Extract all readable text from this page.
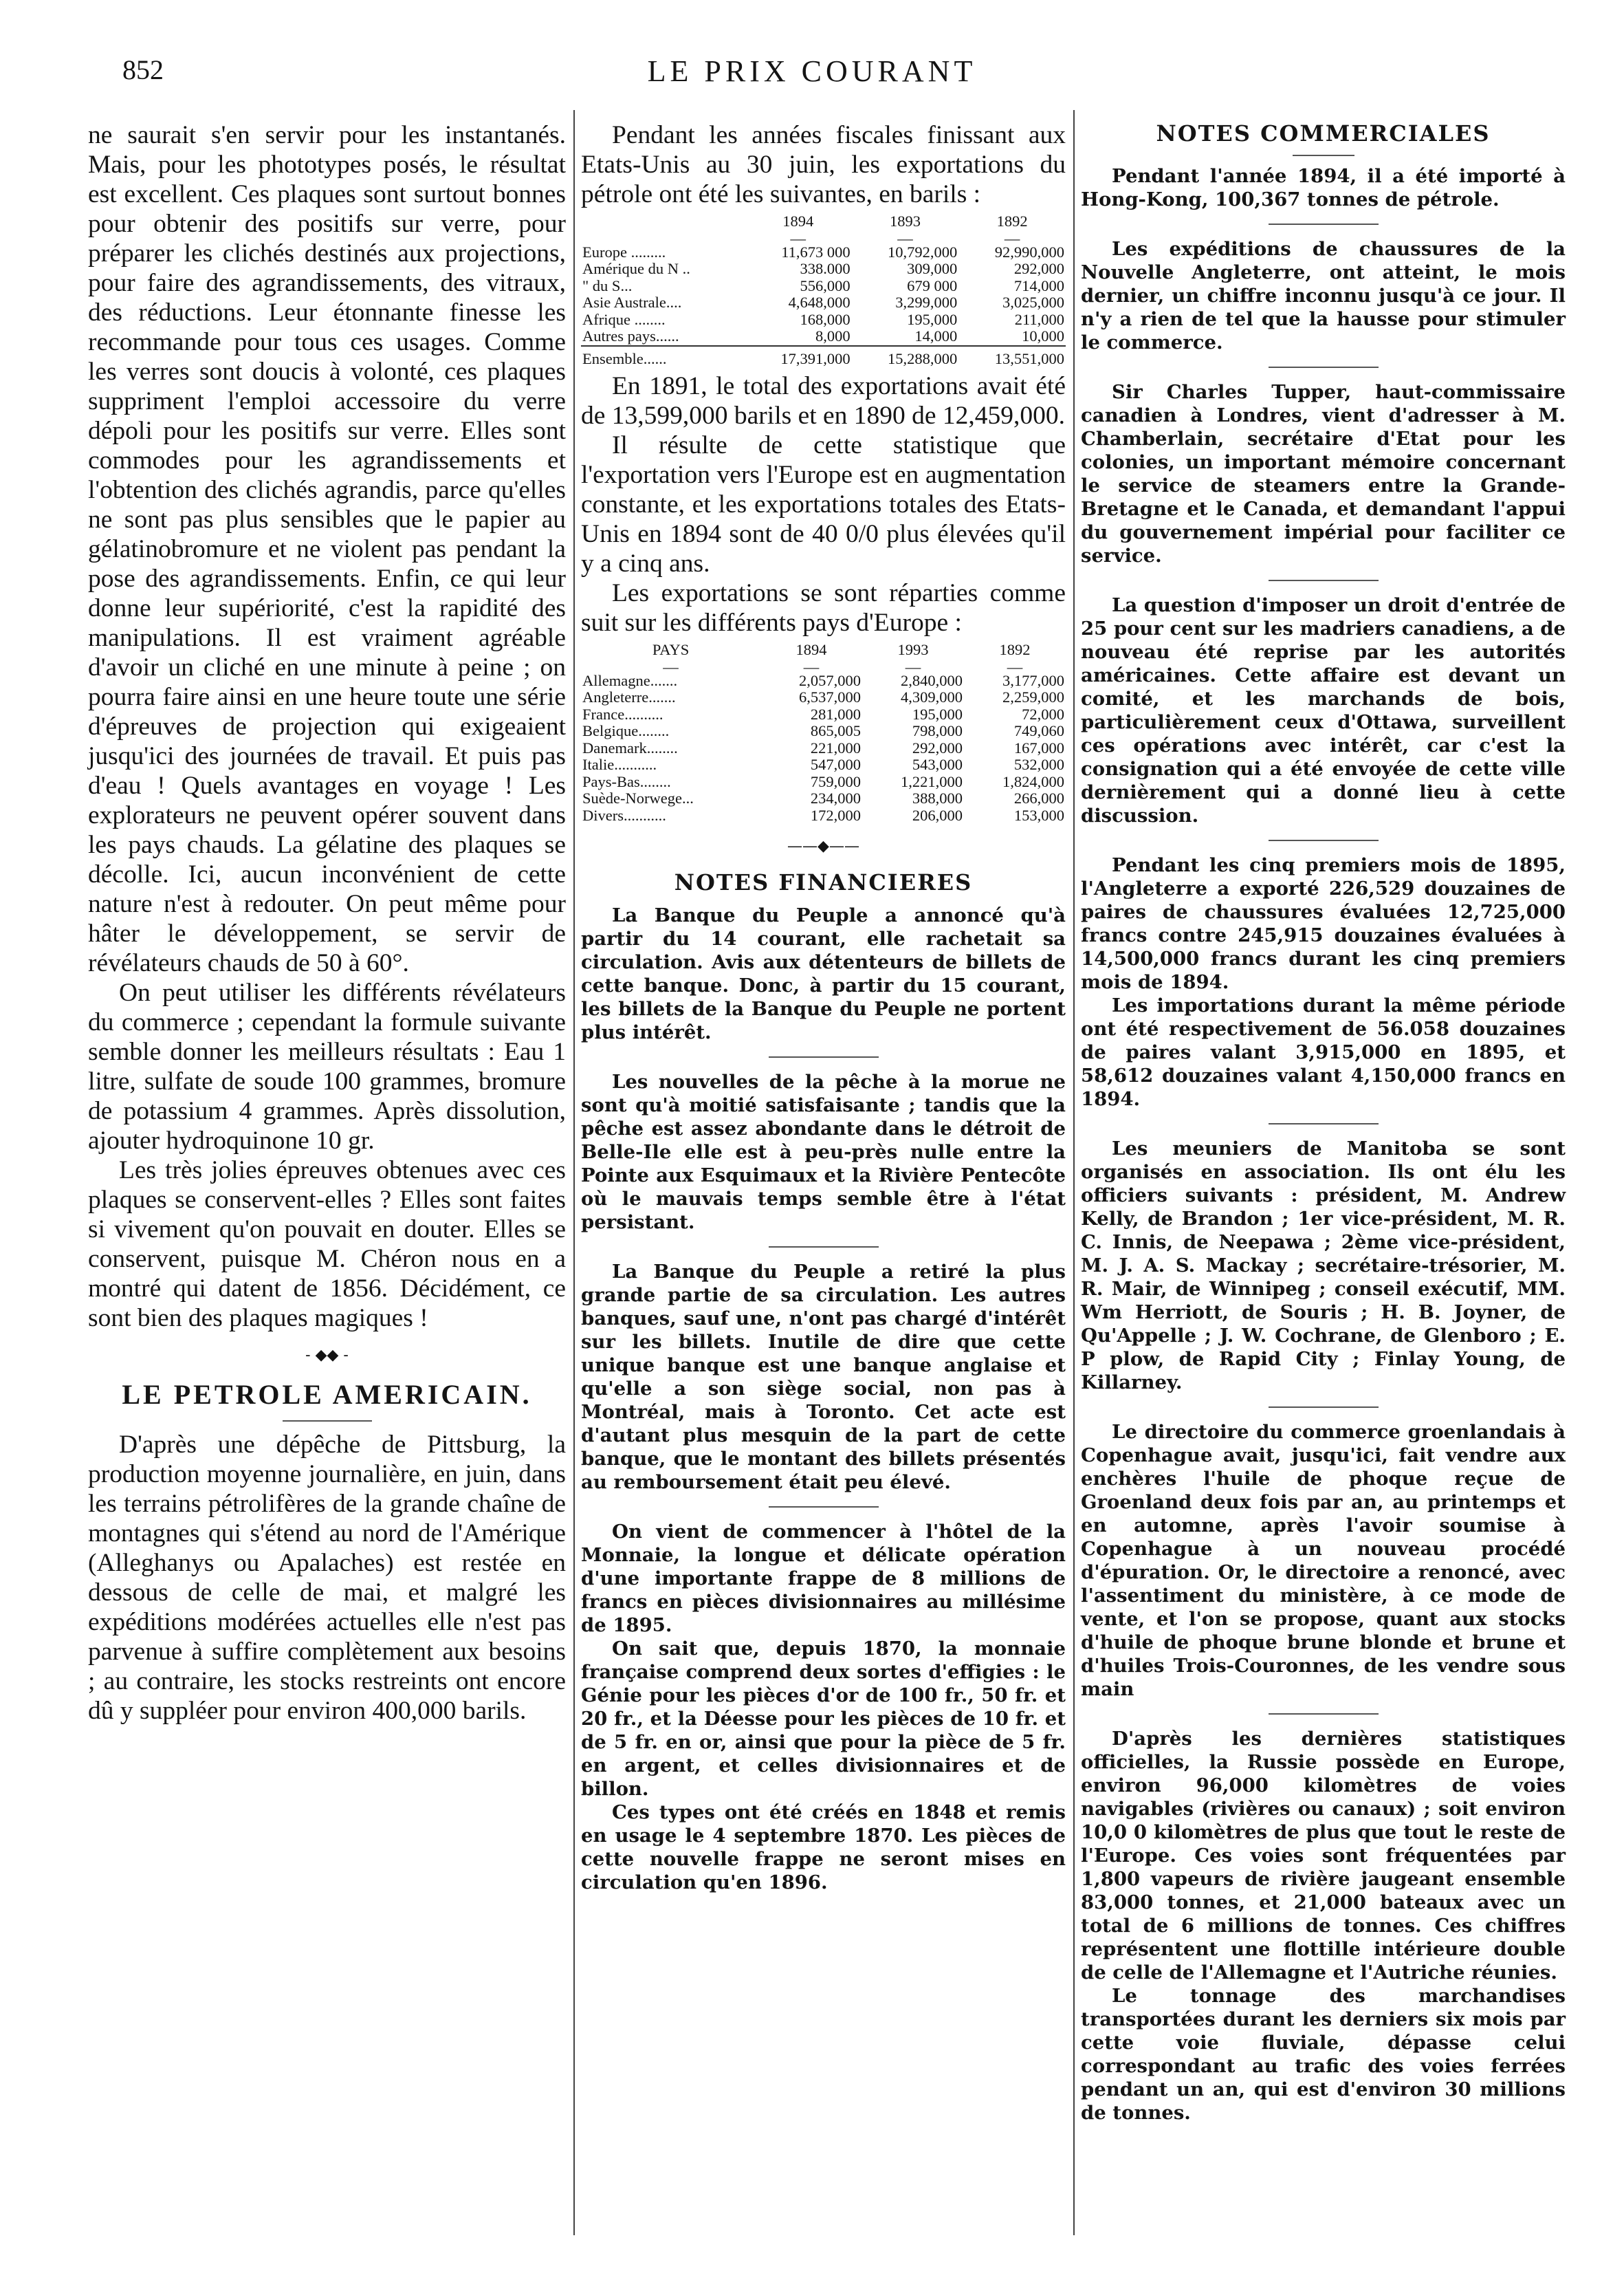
852	LE PRIX COURANT

ne saurait s'en servir pour les instantanés. Mais, pour les phototypes posés, le résultat est excellent. Ces plaques sont surtout bonnes pour obtenir des positifs sur verre, pour préparer les clichés destinés aux projections, pour faire des agrandissements, des vitraux, des réductions. Leur étonnante finesse les recommande pour tous ces usages. Comme les verres sont doucis à volonté, ces plaques suppriment l'emploi accessoire du verre dépoli pour les positifs sur verre. Elles sont commodes pour les agrandissements et l'obtention des clichés agrandis, parce qu'elles ne sont pas plus sensibles que le papier au gélatinobromure et ne violent pas pendant la pose des agrandissements. Enfin, ce qui leur donne leur supériorité, c'est la rapidité des manipulations. Il est vraiment agréable d'avoir un cliché en une minute à peine ; on pourra faire ainsi en une heure toute une série d'épreuves de projection qui exigeaient jusqu'ici des journées de travail. Et puis pas d'eau ! Quels avantages en voyage ! Les explorateurs ne peuvent opérer souvent dans les pays chauds. La gélatine des plaques se décolle. Ici, aucun inconvénient de cette nature n'est à redouter. On peut même pour hâter le développement, se servir de révélateurs chauds de 50 à 60°.

On peut utiliser les différents révélateurs du commerce ; cependant la formule suivante semble donner les meilleurs résultats : Eau 1 litre, sulfate de soude 100 grammes, bromure de potassium 4 grammes. Après dissolution, ajouter hydroquinone 10 gr.

Les très jolies épreuves obtenues avec ces plaques se conservent-elles ? Elles sont faites si vivement qu'on pouvait en douter. Elles se conservent, puisque M. Chéron nous en a montré qui datent de 1856. Décidément, ce sont bien des plaques magiques !

- ◆◆ -
LE PETROLE AMERICAIN.

D'après une dépêche de Pittsburg, la production moyenne journalière, en juin, dans les terrains pétrolifères de la grande chaîne de montagnes qui s'étend au nord de l'Amérique (Alleghanys ou Apalaches) est restée en dessous de celle de mai, et malgré les expéditions modérées actuelles elle n'est pas parvenue à suffire complètement aux besoins ; au contraire, les stocks restreints ont encore dû y suppléer pour environ 400,000 barils.

Pendant les années fiscales finissant aux Etats-Unis au 30 juin, les exportations du pétrole ont été les suivantes, en barils :

	1894	1893	1892
	—	—	—
Europe .........	11,673 000	10,792,000	92,990,000
Amérique du N ..	338.000	309,000	292,000
" du S...	556,000	679 000	714,000
Asie Australe....	4,648,000	3,299,000	3,025,000
Afrique ........	168,000	195,000	211,000
Autres pays......	8,000	14,000	10,000
Ensemble......	17,391,000	15,288,000	13,551,000

En 1891, le total des exportations avait été de 13,599,000 barils et en 1890 de 12,459,000.

Il résulte de cette statistique que l'exportation vers l'Europe est en augmentation constante, et les exportations totales des Etats-Unis en 1894 sont de 40 0/0 plus élevées qu'il y a cinq ans.

Les exportations se sont réparties comme suit sur les différents pays d'Europe :

PAYS	1894	1993	1892
—	—	—	—
Allemagne.......	2,057,000	2,840,000	3,177,000
Angleterre.......	6,537,000	4,309,000	2,259,000
France..........	281,000	195,000	72,000
Belgique........	865,005	798,000	749,060
Danemark........	221,000	292,000	167,000
Italie...........	547,000	543,000	532,000
Pays-Bas........	759,000	1,221,000	1,824,000
Suède-Norwege...	234,000	388,000	266,000
Divers...........	172,000	206,000	153,000
——◆——
NOTES FINANCIERES

La Banque du Peuple a annoncé qu'à partir du 14 courant, elle rachetait sa circulation. Avis aux détenteurs de billets de cette banque. Donc, à partir du 15 courant, les billets de la Banque du Peuple ne portent plus intérêt.

Les nouvelles de la pêche à la morue ne sont qu'à moitié satisfaisante ; tandis que la pêche est assez abondante dans le détroit de Belle-Ile elle est à peu-près nulle entre la Pointe aux Esquimaux et la Rivière Pentecôte où le mauvais temps semble être à l'état persistant.

La Banque du Peuple a retiré la plus grande partie de sa circulation. Les autres banques, sauf une, n'ont pas chargé d'intérêt sur les billets. Inutile de dire que cette unique banque est une banque anglaise et qu'elle a son siège social, non pas à Montréal, mais à Toronto. Cet acte est d'autant plus mesquin de la part de cette banque, que le montant des billets présentés au remboursement était peu élevé.

On vient de commencer à l'hôtel de la Monnaie, la longue et délicate opération d'une importante frappe de 8 millions de francs en pièces divisionnaires au millésime de 1895.

On sait que, depuis 1870, la monnaie française comprend deux sortes d'effigies : le Génie pour les pièces d'or de 100 fr., 50 fr. et 20 fr., et la Déesse pour les pièces de 10 fr. et de 5 fr. en or, ainsi que pour la pièce de 5 fr. en argent, et celles divisionnaires et de billon.

Ces types ont été créés en 1848 et remis en usage le 4 septembre 1870. Les pièces de cette nouvelle frappe ne seront mises en circulation qu'en 1896.

NOTES COMMERCIALES

Pendant l'année 1894, il a été importé à Hong-Kong, 100,367 tonnes de pétrole.

Les expéditions de chaussures de la Nouvelle Angleterre, ont atteint, le mois dernier, un chiffre inconnu jusqu'à ce jour. Il n'y a rien de tel que la hausse pour stimuler le commerce.

Sir Charles Tupper, haut-commissaire canadien à Londres, vient d'adresser à M. Chamberlain, secrétaire d'Etat pour les colonies, un important mémoire concernant le service de steamers entre la Grande-Bretagne et le Canada, et demandant l'appui du gouvernement impérial pour faciliter ce service.

La question d'imposer un droit d'entrée de 25 pour cent sur les madriers canadiens, a de nouveau été reprise par les autorités américaines. Cette affaire est devant un comité, et les marchands de bois, particulièrement ceux d'Ottawa, surveillent ces opérations avec intérêt, car c'est la consignation qui a été envoyée de cette ville dernièrement qui a donné lieu à cette discussion.

Pendant les cinq premiers mois de 1895, l'Angleterre a exporté 226,529 douzaines de paires de chaussures évaluées 12,725,000 francs contre 245,915 douzaines évaluées à 14,500,000 francs durant les cinq premiers mois de 1894.

Les importations durant la même période ont été respectivement de 56.058 douzaines de paires valant 3,915,000 en 1895, et 58,612 douzaines valant 4,150,000 francs en 1894.

Les meuniers de Manitoba se sont organisés en association. Ils ont élu les officiers suivants : président, M. Andrew Kelly, de Brandon ; 1er vice-président, M. R. C. Innis, de Neepawa ; 2ème vice-président, M. J. A. S. Mackay ; secrétaire-trésorier, M. R. Mair, de Winnipeg ; conseil exécutif, MM. Wm Herriott, de Souris ; H. B. Joyner, de Qu'Appelle ; J. W. Cochrane, de Glenboro ; E. P plow, de Rapid City ; Finlay Young, de Killarney.

Le directoire du commerce groenlandais à Copenhague avait, jusqu'ici, fait vendre aux enchères l'huile de phoque reçue de Groenland deux fois par an, au printemps et en automne, après l'avoir soumise à Copenhague à un nouveau procédé d'épuration. Or, le directoire a renoncé, avec l'assentiment du ministère, à ce mode de vente, et l'on se propose, quant aux stocks d'huile de phoque brune blonde et brune et d'huiles Trois-Couronnes, de les vendre sous main

D'après les dernières statistiques officielles, la Russie possède en Europe, environ 96,000 kilomètres de voies navigables (rivières ou canaux) ; soit environ 10,0 0 kilomètres de plus que tout le reste de l'Europe. Ces voies sont fréquentées par 1,800 vapeurs de rivière jaugeant ensemble 83,000 tonnes, et 21,000 bateaux avec un total de 6 millions de tonnes. Ces chiffres représentent une flottille intérieure double de celle de l'Allemagne et l'Autriche réunies.

Le tonnage des marchandises transportées durant les derniers six mois par cette voie fluviale, dépasse celui correspondant au trafic des voies ferrées pendant un an, qui est d'environ 30 millions de tonnes.
